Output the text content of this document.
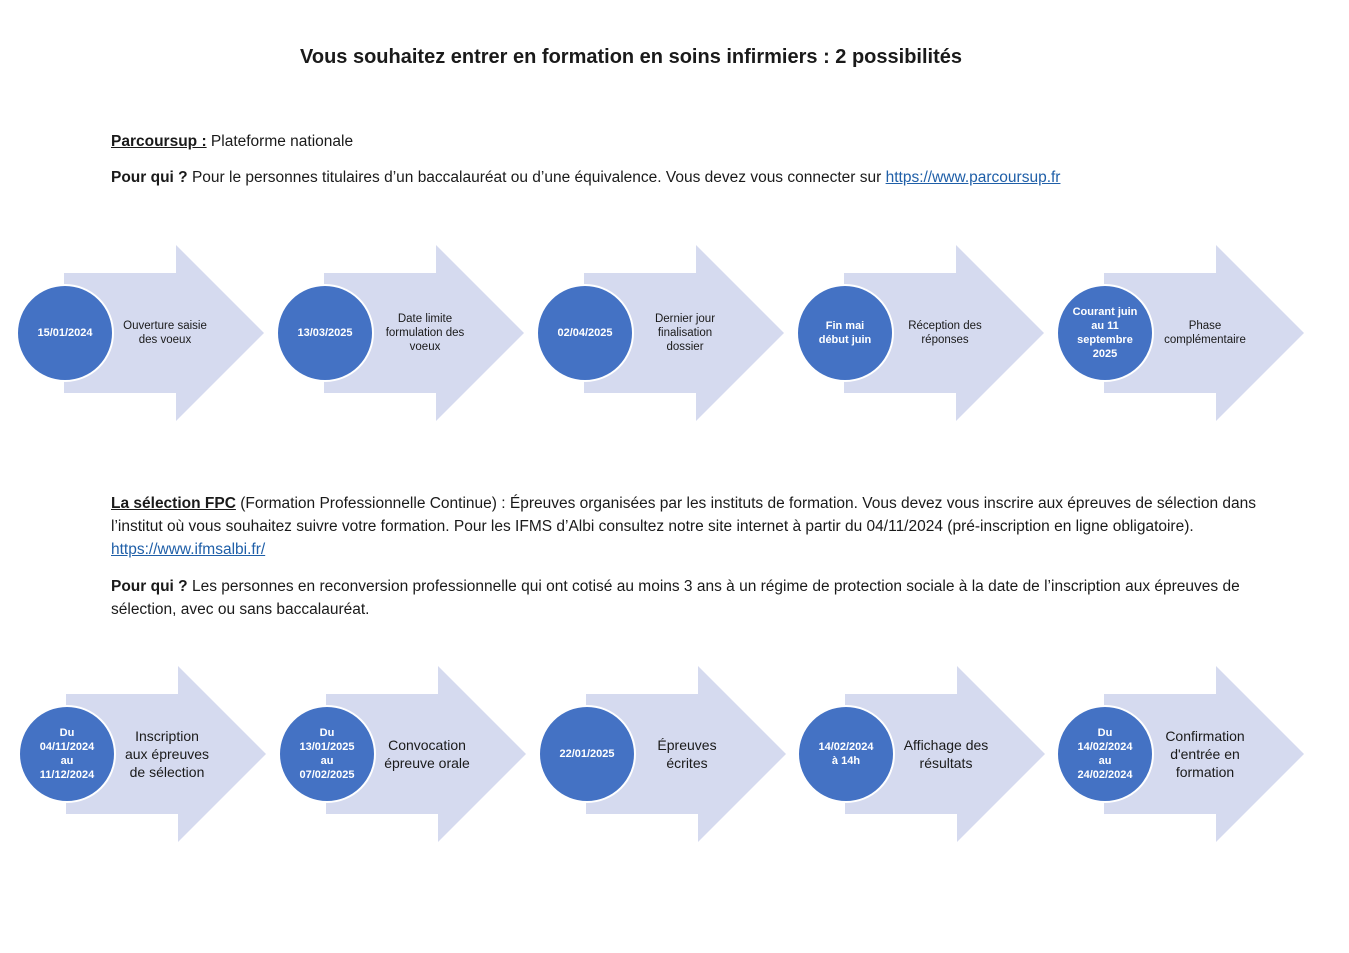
Vous souhaitez entrer en formation en soins infirmiers : 2 possibilités
Parcoursup : Plateforme nationale
Pour qui ? Pour le personnes titulaires d’un baccalauréat ou d’une équivalence. Vous devez vous connecter sur https://www.parcoursup.fr
15/01/2024
Ouverture saisie
des voeux
13/03/2025
Date limite
formulation des
voeux
02/04/2025
Dernier jour
finalisation
dossier
Fin mai
début juin
Réception des
réponses
Courant juin
au 11
septembre
2025
Phase
complémentaire
La sélection FPC (Formation Professionnelle Continue) : Épreuves organisées par les instituts de formation. Vous devez vous inscrire aux épreuves de sélection dans l’institut où vous souhaitez suivre votre formation. Pour les IFMS d’Albi consultez notre site internet à partir du 04/11/2024 (pré-inscription en ligne obligatoire). https://www.ifmsalbi.fr/
Pour qui ? Les personnes en reconversion professionnelle qui ont cotisé au moins 3 ans à un régime de protection sociale à la date de l’inscription aux épreuves de sélection, avec ou sans baccalauréat.
Du
04/11/2024
au
11/12/2024
Inscription
aux épreuves
de sélection
Du
13/01/2025
au
07/02/2025
Convocation
épreuve orale
22/01/2025
Épreuves
écrites
14/02/2024
à 14h
Affichage des
résultats
Du
14/02/2024
au
24/02/2024
Confirmation
d'entrée en
formation
